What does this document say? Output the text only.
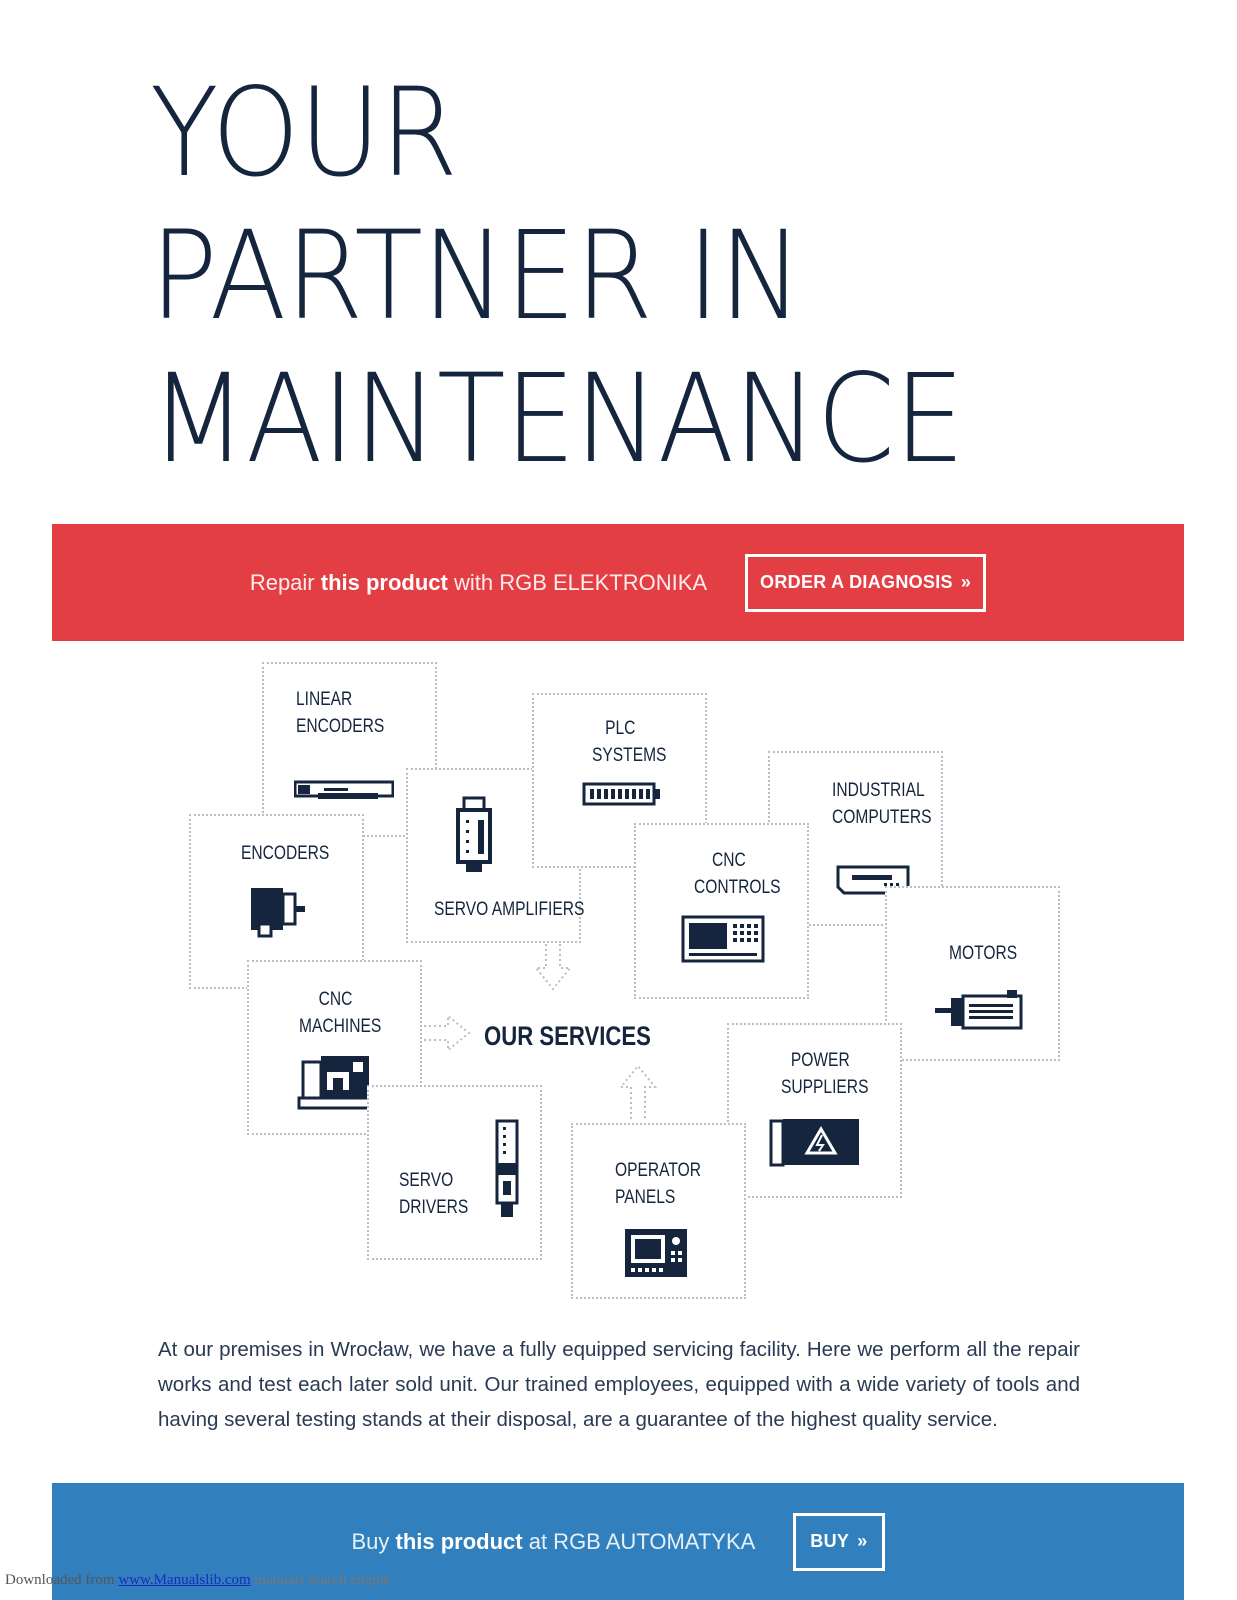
YOUR
PARTNER IN
MAINTENANCE
Repair this product with RGB ELEKTRONIKA	ORDER A DIAGNOSIS »
LINEAR
ENCODERS
ENCODERS
SERVO AMPLIFIERS
PLC
SYSTEMS
INDUSTRIAL
COMPUTERS
CNC
CONTROLS
MOTORS
CNC
MACHINES
POWER
SUPPLIERS
SERVO
DRIVERS
OPERATOR
PANELS
OUR SERVICES

At our premises in Wrocław, we have a fully equipped servicing facility. Here we perform all the repair works and test each later sold unit. Our trained employees, equipped with a wide variety of tools and having several testing stands at their disposal, are a guarantee of the highest quality service.

Buy this product at RGB AUTOMATYKA	BUY »
Downloaded from www.Manualslib.com manuals search engine
